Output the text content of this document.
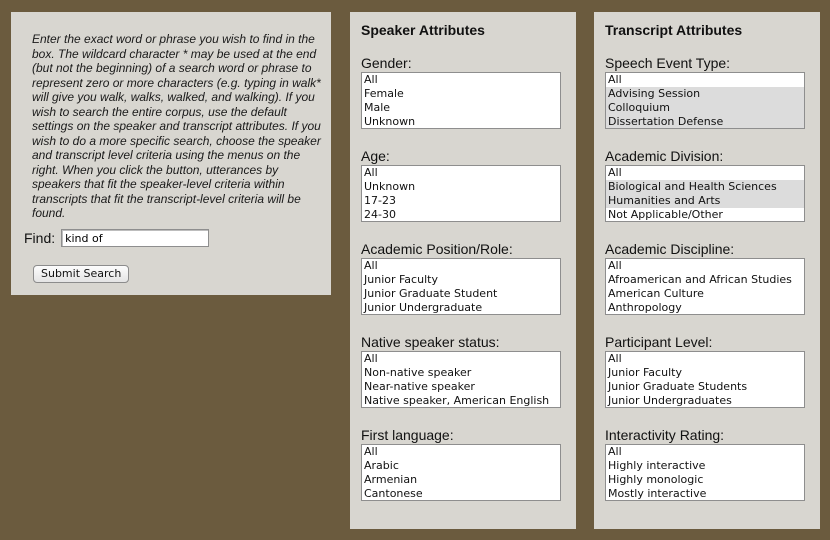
Enter the exact word or phrase you wish to find in the box. The wildcard character * may be used at the end (but not the beginning) of a search word or phrase to represent zero or more characters (e.g. typing in walk* will give you walk, walks, walked, and walking). If you wish to search the entire corpus, use the default settings on the speaker and transcript attributes. If you wish to do a more specific search, choose the speaker and transcript level criteria using the menus on the right. When you click the button, utterances by speakers that fit the speaker-level criteria within transcripts that fit the transcript-level criteria will be found.
Find:
kind of
Submit Search
Speaker Attributes
Gender:
All
Female
Male
Unknown
Age:
All
Unknown
17-23
24-30
Academic Position/Role:
All
Junior Faculty
Junior Graduate Student
Junior Undergraduate
Native speaker status:
All
Non-native speaker
Near-native speaker
Native speaker, American English
First language:
All
Arabic
Armenian
Cantonese
Transcript Attributes
Speech Event Type:
All
Advising Session
Colloquium
Dissertation Defense
Academic Division:
All
Biological and Health Sciences
Humanities and Arts
Not Applicable/Other
Academic Discipline:
All
Afroamerican and African Studies
American Culture
Anthropology
Participant Level:
All
Junior Faculty
Junior Graduate Students
Junior Undergraduates
Interactivity Rating:
All
Highly interactive
Highly monologic
Mostly interactive
